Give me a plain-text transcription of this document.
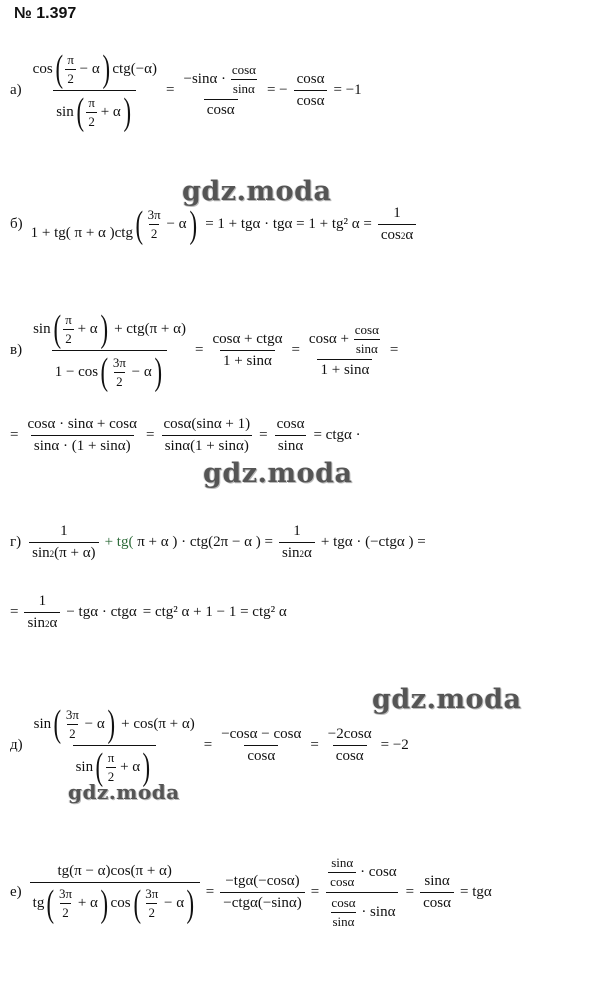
№ 1.397
а)
cos ( $\frac{\pi}{2} - \alpha$ ) ctg(−α)
sin ( $\frac{\pi}{2} + \alpha$ )
= $\frac{-\sin\alpha \cdot \frac{\cos\alpha}{\sin\alpha}}{\cos\alpha}$ = − $\frac{\cos\alpha}{\cos\alpha} = -1$
gdz.moda
б)
1 + tg( π + α )ctg ( $\frac{3\pi}{2} - \alpha$ ) = 1 + tgα · tgα = 1 + tg² $\alpha = \frac{1}{\cos 2 \alpha}$
в)
sin ( $\frac{\pi}{2} + \alpha$ ) + ctg(π + α)
1 − cos ( $\frac{3\pi}{2} - \alpha$ )
=
cosα + ctgα
1 + sinα
= $\frac{\cos\alpha + \frac{\cos\alpha}{\sin\alpha}}{1 + \sin\alpha}$ =
= $\frac{\cos\alpha \cdot \sin\alpha + \cos\alpha}{\sin\alpha \cdot (1 + \sin\alpha)} = \frac{\cos\alpha(\sin\alpha + 1)}{\sin\alpha(1 + \sin\alpha)} = \frac{\cos\alpha}{\sin\alpha} = ctg\alpha$ ·
gdz.moda
г)
1
sin 2 (π + α)
+ tg( π + α ) · ctg(2π − α ) = $\frac{1}{\sin 2 \alpha} + tg\alpha \cdot (-ctg\alpha$ ) =
= $\frac{1}{\sin 2 \alpha} - tg\alpha \cdot ctg\alpha = ctg^2$ α + 1 − 1 = ctg² α
gdz.moda
$д) \frac{\sin ( \frac{3\pi}{2} - \alpha ) + \cos(\pi + \alpha)}{\sin ( \frac{\pi}{2} + \alpha )} = \frac{-\cos\alpha - \cos\alpha}{\cos\alpha} = \frac{-2\cos\alpha}{\cos\alpha} = -2$
gdz.moda
$е) \frac{tg(\pi - \alpha)\cos(\pi + \alpha)}{tg ( \frac{3\pi}{2} + \alpha ) \cos ( \frac{3\pi}{2} - \alpha )}$ =
−tgα(−cosα)
−ctgα(−sinα)
= $\frac{\frac{\sin\alpha}{\cos\alpha} \cdot \cos\alpha}{\frac{\cos\alpha}{\sin\alpha} \cdot \sin\alpha} = \frac{\sin\alpha}{\cos\alpha} = tg\alpha$
